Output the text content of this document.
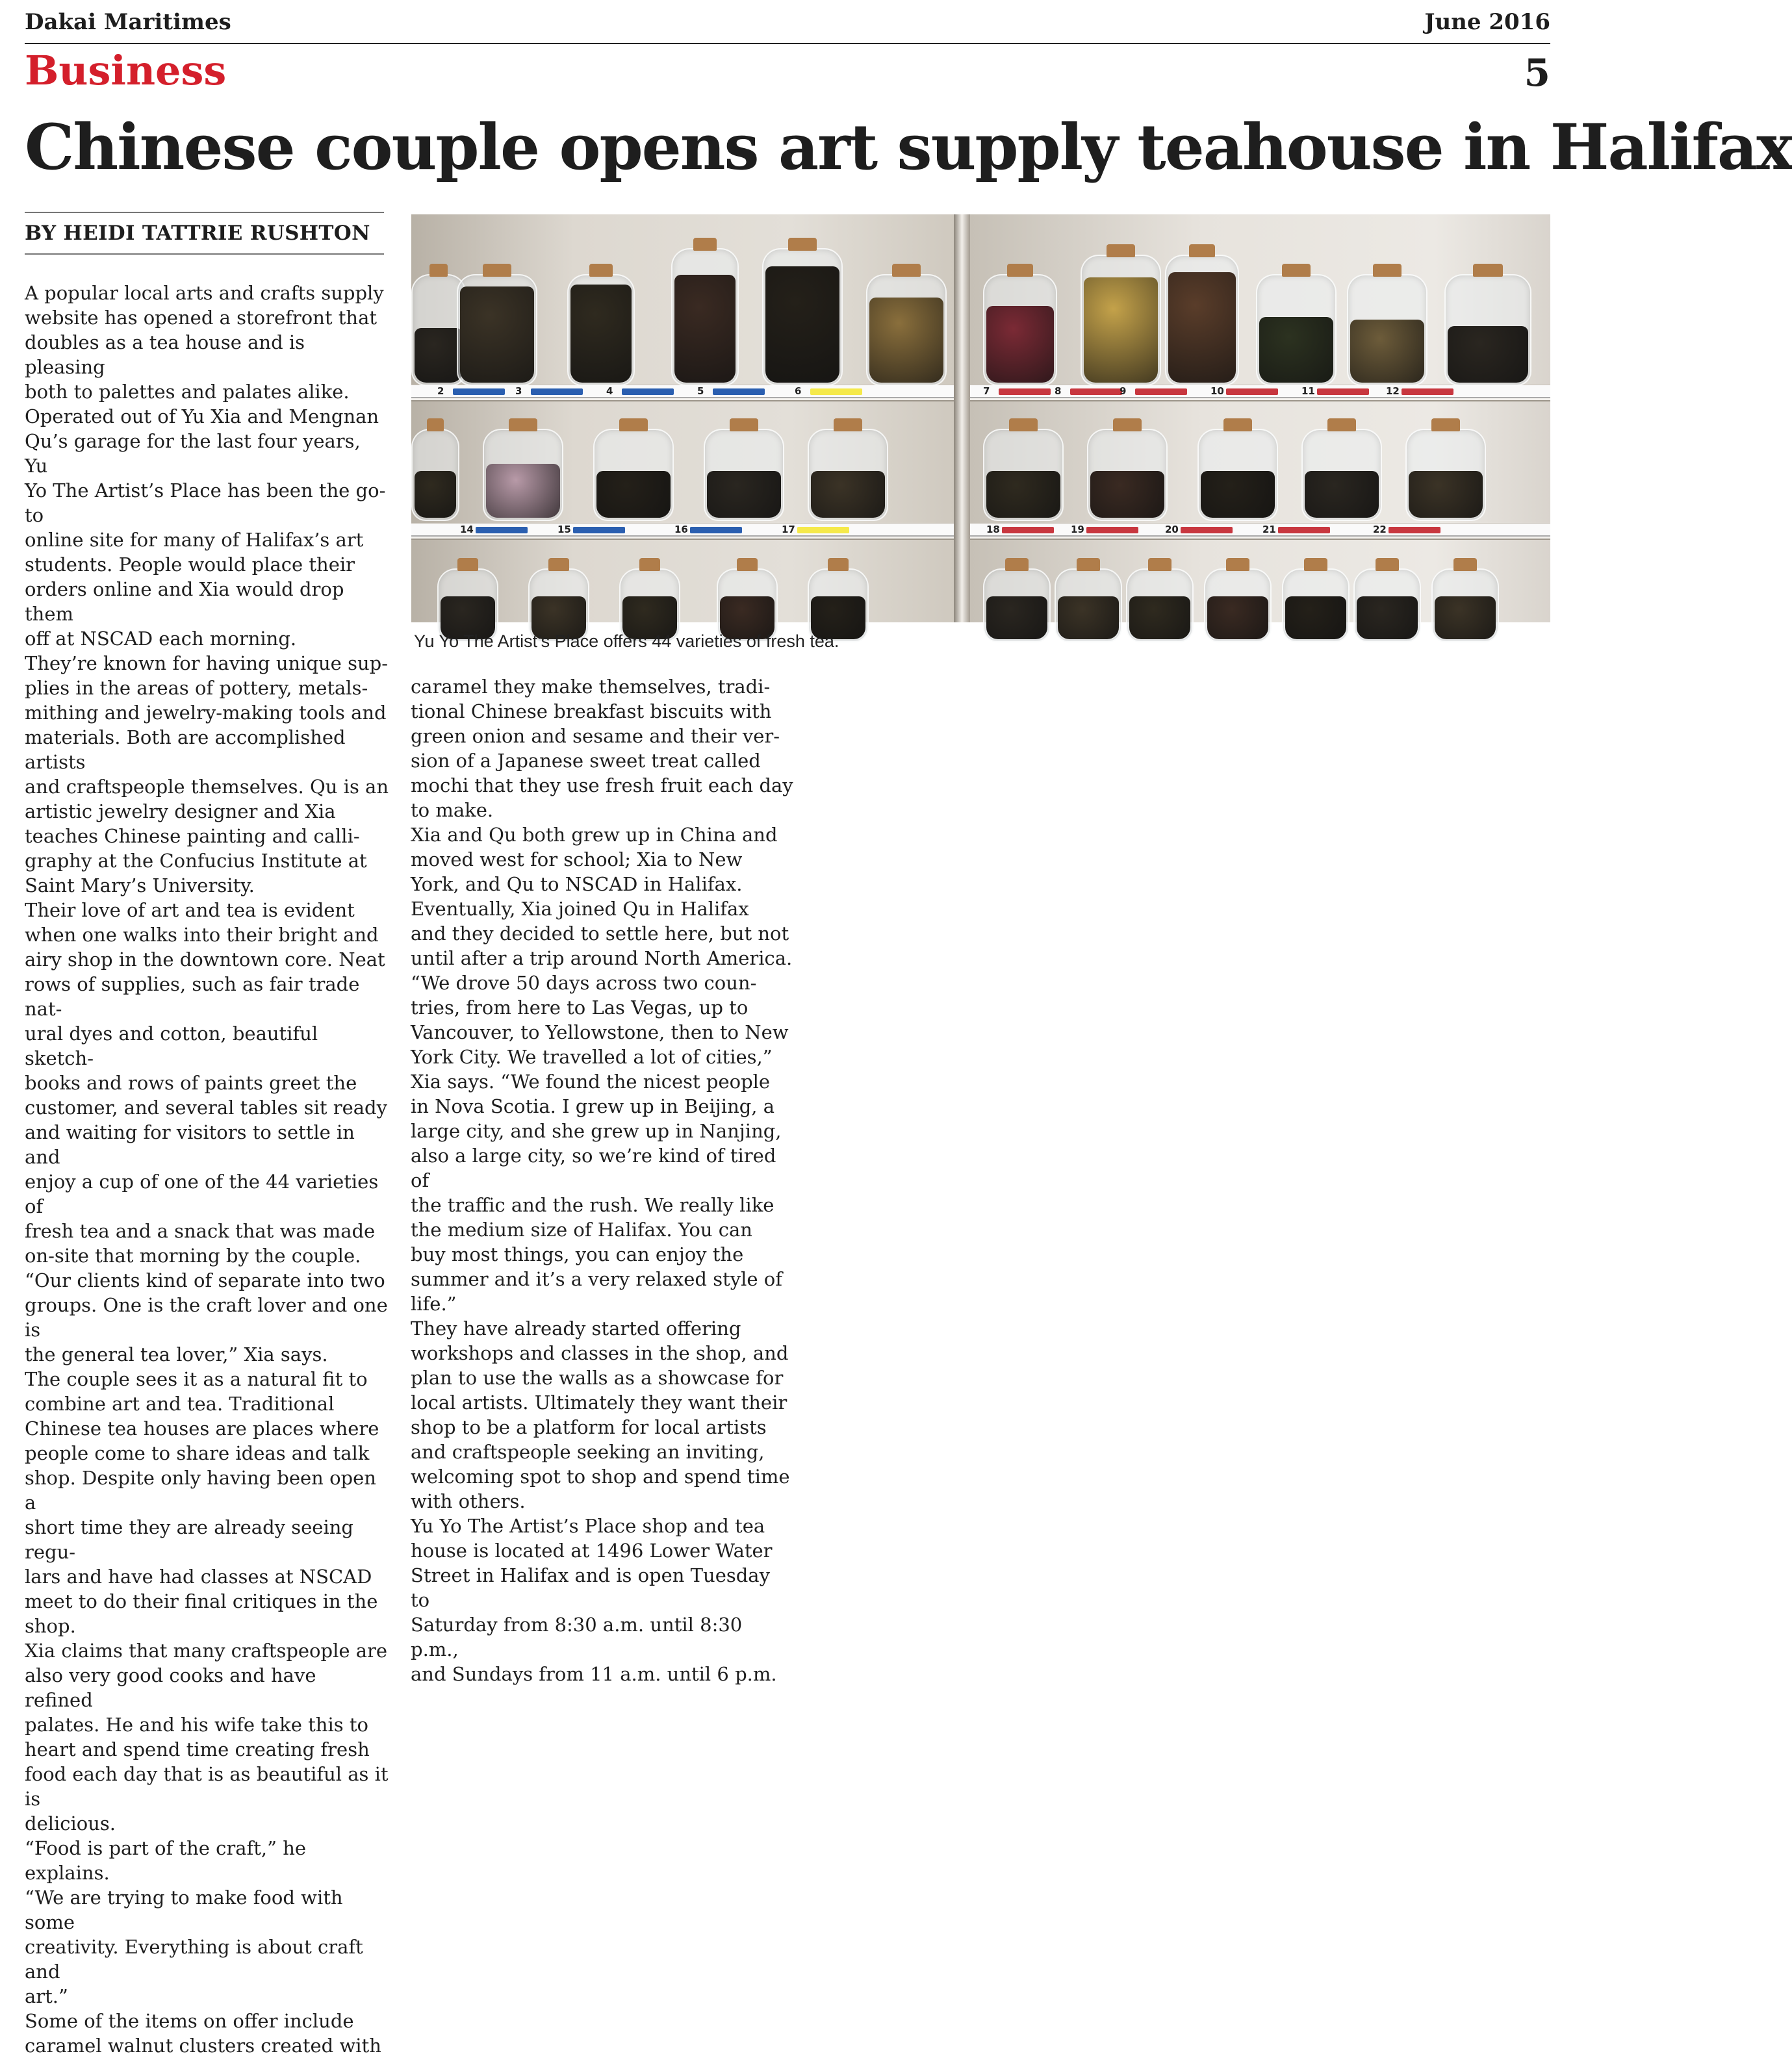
Dakai Maritimes	June 2016
Business	5
Chinese couple opens art supply teahouse in Halifax
BY HEIDI TATTRIE RUSHTON

A popular local arts and crafts supply

website has opened a storefront that

doubles as a tea house and is pleasing

both to palettes and palates alike.

Operated out of Yu Xia and Mengnan

Qu’s garage for the last four years, Yu

Yo The Artist’s Place has been the go-to

online site for many of Halifax’s art

students. People would place their

orders online and Xia would drop them

off at NSCAD each morning.

They’re known for having unique sup-

plies in the areas of pottery, metals-

mithing and jewelry-making tools and

materials. Both are accomplished artists

and craftspeople themselves. Qu is an

artistic jewelry designer and Xia

teaches Chinese painting and calli-

graphy at the Confucius Institute at

Saint Mary’s University.

Their love of art and tea is evident

when one walks into their bright and

airy shop in the downtown core. Neat

rows of supplies, such as fair trade nat-

ural dyes and cotton, beautiful sketch-

books and rows of paints greet the

customer, and several tables sit ready

and waiting for visitors to settle in and

enjoy a cup of one of the 44 varieties of

fresh tea and a snack that was made

on-site that morning by the couple.

“Our clients kind of separate into two

groups. One is the craft lover and one is

the general tea lover,” Xia says.

The couple sees it as a natural fit to

combine art and tea. Traditional

Chinese tea houses are places where

people come to share ideas and talk

shop. Despite only having been open a

short time they are already seeing regu-

lars and have had classes at NSCAD

meet to do their final critiques in the

shop.

Xia claims that many craftspeople are

also very good cooks and have refined

palates. He and his wife take this to

heart and spend time creating fresh

food each day that is as beautiful as it is

delicious.

“Food is part of the craft,” he explains.

“We are trying to make food with some

creativity. Everything is about craft and

art.”

Some of the items on offer include

caramel walnut clusters created with

caramel they make themselves, tradi-

tional Chinese breakfast biscuits with

green onion and sesame and their ver-

sion of a Japanese sweet treat called

mochi that they use fresh fruit each day

to make.

Xia and Qu both grew up in China and

moved west for school; Xia to New

York, and Qu to NSCAD in Halifax.

Eventually, Xia joined Qu in Halifax

and they decided to settle here, but not

until after a trip around North America.

“We drove 50 days across two coun-

tries, from here to Las Vegas, up to

Vancouver, to Yellowstone, then to New

York City. We travelled a lot of cities,”

Xia says. “We found the nicest people

in Nova Scotia. I grew up in Beijing, a

large city, and she grew up in Nanjing,

also a large city, so we’re kind of tired of

the traffic and the rush. We really like

the medium size of Halifax. You can

buy most things, you can enjoy the

summer and it’s a very relaxed style of

life.”

They have already started offering

workshops and classes in the shop, and

plan to use the walls as a showcase for

local artists. Ultimately they want their

shop to be a platform for local artists

and craftspeople seeking an inviting,

welcoming spot to shop and spend time

with others.

Yu Yo The Artist’s Place shop and tea

house is located at 1496 Lower Water

Street in Halifax and is open Tuesday to

Saturday from 8:30 a.m. until 8:30 p.m.,

and Sundays from 11 a.m. until 6 p.m.

2	3	4	5	6	7	8	9	10	11	12
14	15	16	17	18	19	20	21	22
Yu Yo The Artist’s Place offers 44 varieties of fresh tea.
